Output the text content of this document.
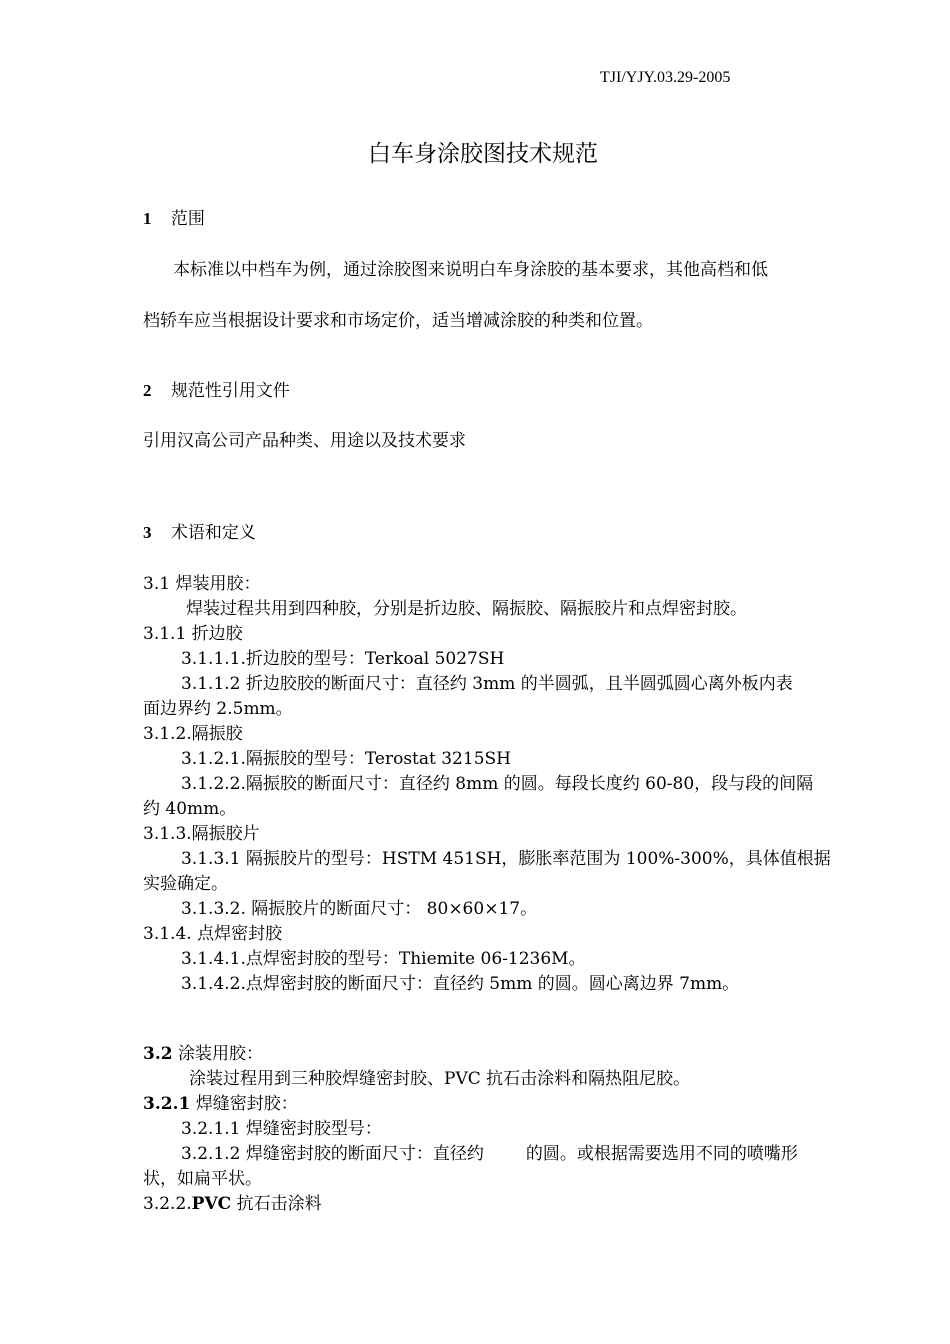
TJI/YJY.03.29-2005
白车身涂胶图技术规范
1 范围
本标准以中档车为例，通过涂胶图来说明白车身涂胶的基本要求，其他高档和低
档轿车应当根据设计要求和市场定价，适当增减涂胶的种类和位置。
2 规范性引用文件
引用汉高公司产品种类、用途以及技术要求
3 术语和定义
3.1 焊装用胶：
焊装过程共用到四种胶，分别是折边胶、隔振胶、隔振胶片和点焊密封胶。
3.1.1 折边胶
3.1.1.1.折边胶的型号：Terkoal 5027SH
3.1.1.2 折边胶胶的断面尺寸：直径约 3mm 的半圆弧，且半圆弧圆心离外板内表
面边界约 2.5mm。
3.1.2.隔振胶
3.1.2.1.隔振胶的型号：Terostat 3215SH
3.1.2.2.隔振胶的断面尺寸：直径约 8mm 的圆。每段长度约 60-80，段与段的间隔
约 40mm。
3.1.3.隔振胶片
3.1.3.1 隔振胶片的型号：HSTM 451SH，膨胀率范围为 100%-300%，具体值根据
实验确定。
3.1.3.2. 隔振胶片的断面尺寸： 80×60×17。
3.1.4. 点焊密封胶
3.1.4.1.点焊密封胶的型号：Thiemite 06-1236M。
3.1.4.2.点焊密封胶的断面尺寸：直径约 5mm 的圆。圆心离边界 7mm。
3.2 涂装用胶：
涂装过程用到三种胶焊缝密封胶、PVC 抗石击涂料和隔热阻尼胶。
3.2.1 焊缝密封胶：
3.2.1.1 焊缝密封胶型号：
3.2.1.2 焊缝密封胶的断面尺寸：直径约 的圆。或根据需要选用不同的喷嘴形
状，如扁平状。
3.2.2.PVC 抗石击涂料
